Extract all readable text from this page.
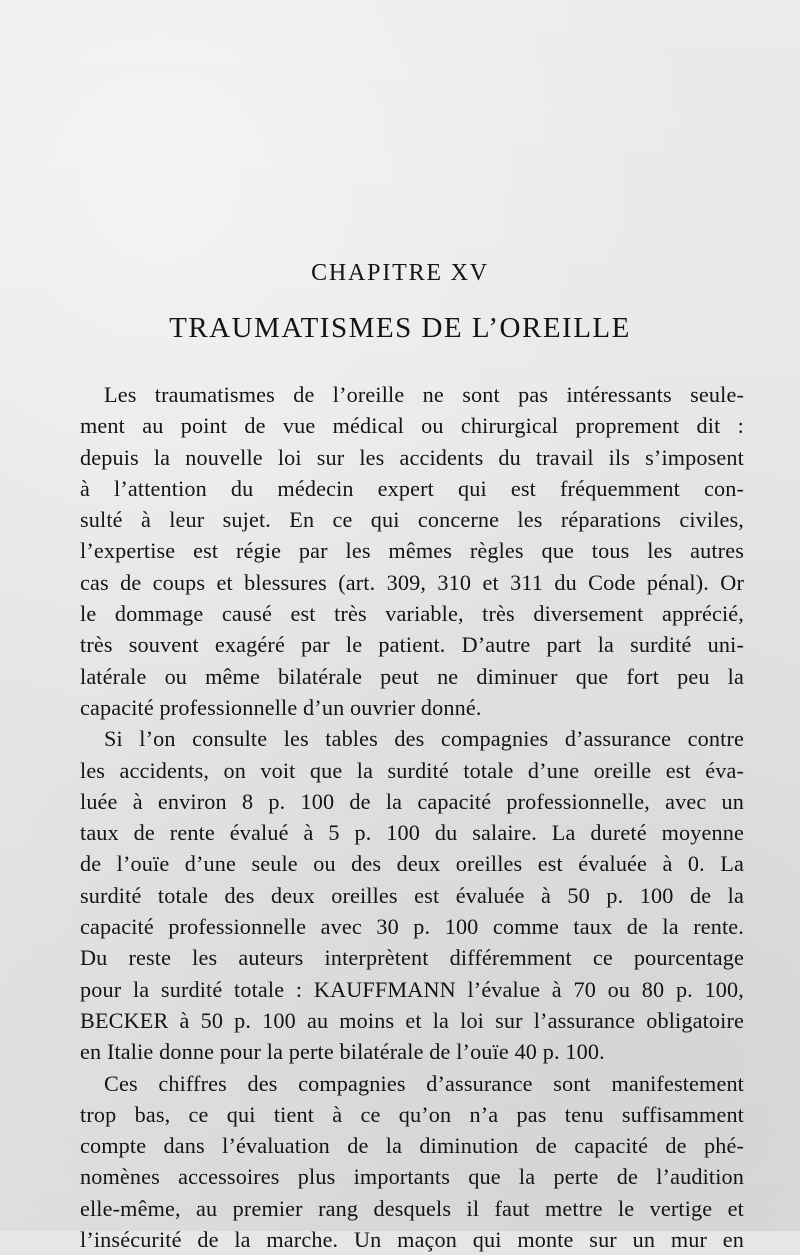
CHAPITRE XV
TRAUMATISMES DE L’OREILLE
Les traumatismes de l’oreille ne sont pas intéressants seule-
ment au point de vue médical ou chirurgical proprement dit :
depuis la nouvelle loi sur les accidents du travail ils s’imposent
à l’attention du médecin expert qui est fréquemment con-
sulté à leur sujet. En ce qui concerne les réparations civiles,
l’expertise est régie par les mêmes règles que tous les autres
cas de coups et blessures (art. 309, 310 et 311 du Code pénal). Or
le dommage causé est très variable, très diversement apprécié,
très souvent exagéré par le patient. D’autre part la surdité uni-
latérale ou même bilatérale peut ne diminuer que fort peu la
capacité professionnelle d’un ouvrier donné.
Si l’on consulte les tables des compagnies d’assurance contre
les accidents, on voit que la surdité totale d’une oreille est éva-
luée à environ 8 p. 100 de la capacité professionnelle, avec un
taux de rente évalué à 5 p. 100 du salaire. La dureté moyenne
de l’ouïe d’une seule ou des deux oreilles est évaluée à 0. La
surdité totale des deux oreilles est évaluée à 50 p. 100 de la
capacité professionnelle avec 30 p. 100 comme taux de la rente.
Du reste les auteurs interprètent différemment ce pourcentage
pour la surdité totale : KAUFFMANN l’évalue à 70 ou 80 p. 100,
BECKER à 50 p. 100 au moins et la loi sur l’assurance obligatoire
en Italie donne pour la perte bilatérale de l’ouïe 40 p. 100.
Ces chiffres des compagnies d’assurance sont manifestement
trop bas, ce qui tient à ce qu’on n’a pas tenu suffisamment
compte dans l’évaluation de la diminution de capacité de phé-
nomènes accessoires plus importants que la perte de l’audition
elle-même, au premier rang desquels il faut mettre le vertige et
l’insécurité de la marche. Un maçon qui monte sur un mur en
